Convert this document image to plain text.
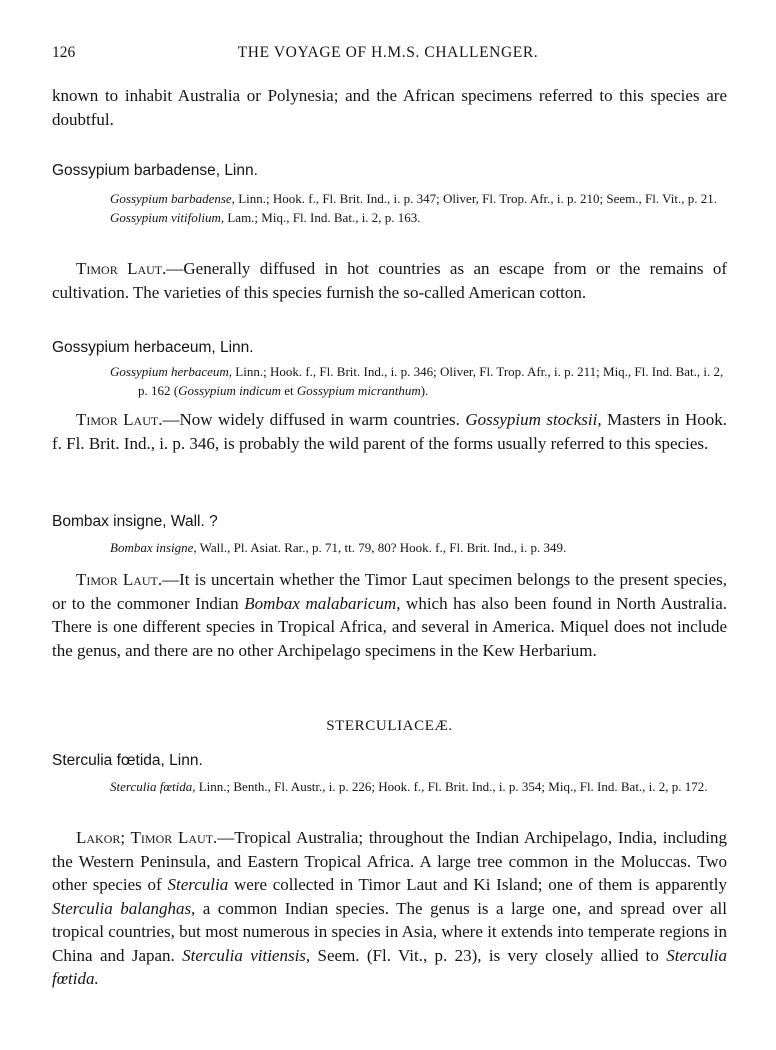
126	THE VOYAGE OF H.M.S. CHALLENGER.
known to inhabit Australia or Polynesia; and the African specimens referred to this species are doubtful.
Gossypium barbadense, Linn.
Gossypium barbadense, Linn.; Hook. f., Fl. Brit. Ind., i. p. 347; Oliver, Fl. Trop. Afr., i. p. 210; Seem., Fl. Vit., p. 21.
Gossypium vitifolium, Lam.; Miq., Fl. Ind. Bat., i. 2, p. 163.
Timor Laut.—Generally diffused in hot countries as an escape from or the remains of cultivation. The varieties of this species furnish the so-called American cotton.
Gossypium herbaceum, Linn.
Gossypium herbaceum, Linn.; Hook. f., Fl. Brit. Ind., i. p. 346; Oliver, Fl. Trop. Afr., i. p. 211; Miq., Fl. Ind. Bat., i. 2, p. 162 (Gossypium indicum et Gossypium micranthum).
Timor Laut.—Now widely diffused in warm countries. Gossypium stocksii, Masters in Hook. f. Fl. Brit. Ind., i. p. 346, is probably the wild parent of the forms usually referred to this species.
Bombax insigne, Wall. ?
Bombax insigne, Wall., Pl. Asiat. Rar., p. 71, tt. 79, 80? Hook. f., Fl. Brit. Ind., i. p. 349.
Timor Laut.—It is uncertain whether the Timor Laut specimen belongs to the present species, or to the commoner Indian Bombax malabaricum, which has also been found in North Australia. There is one different species in Tropical Africa, and several in America. Miquel does not include the genus, and there are no other Archipelago specimens in the Kew Herbarium.
STERCULIACEÆ.
Sterculia fœtida, Linn.
Sterculia fœtida, Linn.; Benth., Fl. Austr., i. p. 226; Hook. f., Fl. Brit. Ind., i. p. 354; Miq., Fl. Ind. Bat., i. 2, p. 172.
Lakor; Timor Laut.—Tropical Australia; throughout the Indian Archipelago, India, including the Western Peninsula, and Eastern Tropical Africa. A large tree common in the Moluccas. Two other species of Sterculia were collected in Timor Laut and Ki Island; one of them is apparently Sterculia balanghas, a common Indian species. The genus is a large one, and spread over all tropical countries, but most numerous in species in Asia, where it extends into temperate regions in China and Japan. Sterculia vitiensis, Seem. (Fl. Vit., p. 23), is very closely allied to Sterculia fœtida.
